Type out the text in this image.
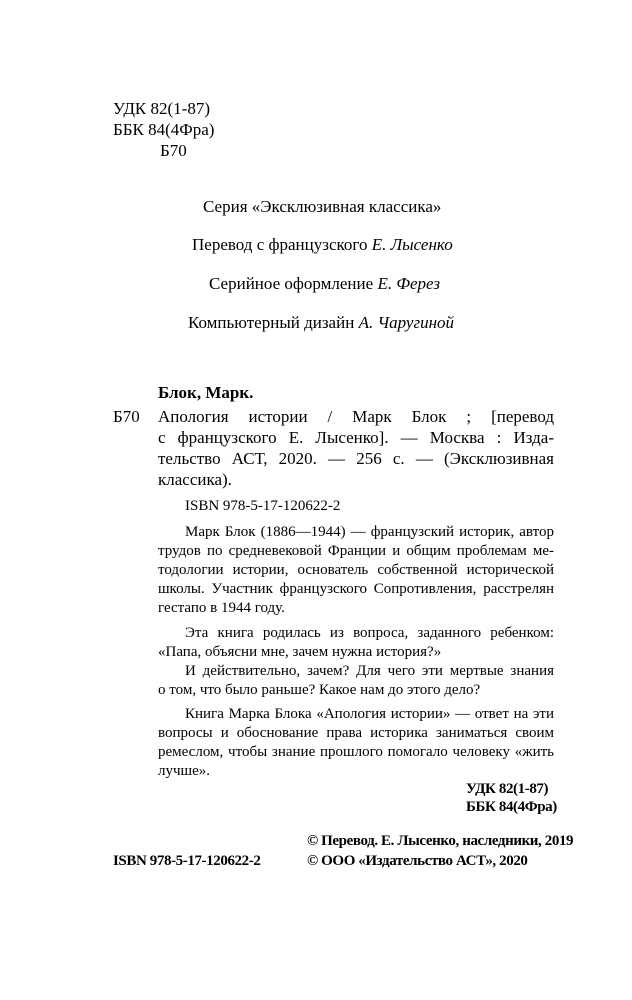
УДК 82(1-87)
ББК 84(4Фра)
Б70
Серия «Эксклюзивная классика»
Перевод с французского Е. Лысенко
Серийное оформление Е. Ферез
Компьютерный дизайн А. Чаругиной
Блок, Марк.
Б70 Апология истории / Марк Блок ; [перевод
с французского Е. Лысенко]. — Москва : Изда-
тельство АСТ, 2020. — 256 с. — (Эксклюзивная
классика).
ISBN 978-5-17-120622-2
Марк Блок (1886—1944) — французский историк, автор
трудов по средневековой Франции и общим проблемам ме-
тодологии истории, основатель собственной исторической
школы. Участник французского Сопротивления, расстрелян
гестапо в 1944 году.
Эта книга родилась из вопроса, заданного ребенком:
«Папа, объясни мне, зачем нужна история?»
И действительно, зачем? Для чего эти мертвые знания
о том, что было раньше? Какое нам до этого дело?
Книга Марка Блока «Апология истории» — ответ на эти
вопросы и обоснование права историка заниматься своим
ремеслом, чтобы знание прошлого помогало человеку «жить
лучше».
УДК 82(1-87)
ББК 84(4Фра)
ISBN 978-5-17-120622-2
© Перевод. Е. Лысенко, наследники, 2019
© ООО «Издательство АСТ», 2020
